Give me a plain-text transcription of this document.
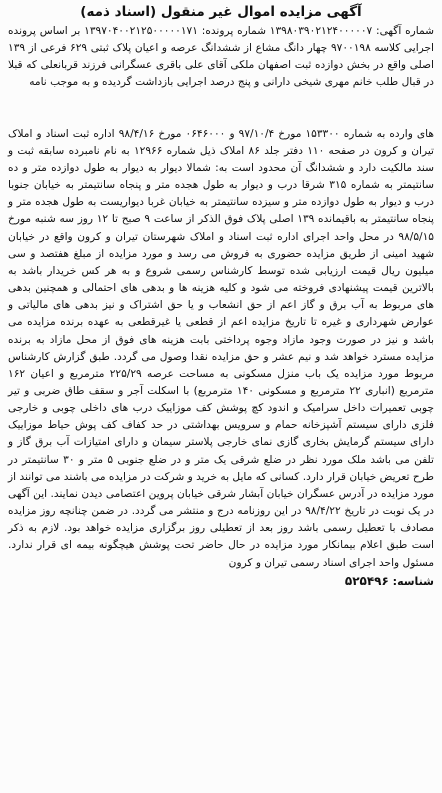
آگهی مزایده اموال غیر منقول (اسناد ذمه)
شماره آگهی: ۱۳۹۸۰۳۹۰۲۱۲۴۰۰۰۰۰۷ شماره پرونده: ۱۳۹۷۰۴۰۰۲۱۲۵۰۰۰۰۰۱۷۱ بر اساس پرونده اجرایی کلاسه ۹۷۰۰۱۹۸ چهار دانگ مشاع از ششدانگ عرصه و اعیان پلاک ثبتی ۶۲۹ فرعی از ۱۳۹ اصلی واقع در بخش دوازده ثبت اصفهان ملکی آقای علی باقری عسگرانی فرزند قربانعلی که قبلا در قبال طلب خانم مهری شیخی دارانی و پنج درصد اجرایی بازداشت گردیده و به موجب نامه
های وارده به شماره ۱۵۳۳۰۰ مورخ ۹۷/۱۰/۴ و ۰۶۴۶۰۰۰ مورخ ۹۸/۴/۱۶ اداره ثبت اسناد و املاک تیران و کرون در صفحه ۱۱۰ دفتر جلد ۸۶ املاک ذیل شماره ۱۲۹۶۶ به نام نامبرده سابقه ثبت و سند مالکیت دارد و ششدانگ آن محدود است به: شمالا دیوار به دیوار به طول دوازده متر و ده سانتیمتر به شماره ۳۱۵ شرقا درب و دیوار به طول هجده متر و پنجاه سانتیمتر به خیابان جنوبا درب و دیوار به طول دوازده متر و سیزده سانتیمتر به خیابان غربا دیواریست به طول هجده متر و پنجاه سانتیمتر به باقیمانده ۱۳۹ اصلی پلاک فوق الذکر از ساعت ۹ صبح تا ۱۲ روز سه شنبه مورخ ۹۸/۵/۱۵ در محل واحد اجرای اداره ثبت اسناد و املاک شهرستان تیران و کرون واقع در خیابان شهید امینی از طریق مزایده حضوری به فروش می رسد و مورد مزایده از مبلغ هفتصد و سی میلیون ریال قیمت ارزیابی شده توسط کارشناس رسمی شروع و به هر کس خریدار باشد به بالاترین قیمت پیشنهادی فروخته می شود و کلیه هزینه ها و بدهی های احتمالی و همچنین بدهی های مربوط به آب برق و گاز اعم از حق انشعاب و یا حق اشتراک و نیز بدهی های مالیاتی و عوارض شهرداری و غیره تا تاریخ مزایده اعم از قطعی یا غیرقطعی به عهده برنده مزایده می باشد و نیز در صورت وجود مازاد وجوه پرداختی بابت هزینه های فوق از محل مازاد به برنده مزایده مسترد خواهد شد و نیم عشر و حق مزایده نقدا وصول می گردد. طبق گزارش کارشناس مربوط مورد مزایده یک باب منزل مسکونی به مساحت عرصه ۲۲۵/۲۹ مترمربع و اعیان ۱۶۲ مترمربع (انباری ۲۲ مترمربع و مسکونی ۱۴۰ مترمربع) با اسکلت آجر و سقف طاق ضربی و تیر چوبی تعمیرات داخل سرامیک و اندود کچ پوشش کف موزاییک درب های داخلی چوبی و خارجی فلزی دارای سیستم آشپزخانه حمام و سرویس بهداشتی در حد کفاف کف پوش حیاط موزاییک دارای سیستم گرمایش بخاری گازی نمای خارجی پلاستر سیمان و دارای امتیازات آب برق گاز و تلفن می باشد ملک مورد نظر در ضلع شرقی یک متر و در ضلع جنوبی ۵ متر و ۳۰ سانتیمتر در طرح تعریض خیابان قرار دارد. کسانی که مایل به خرید و شرکت در مزایده می باشند می توانند از مورد مزایده در آدرس عسگران خیابان آبشار شرقی خیابان پروین اعتصامی دیدن نمایند. این آگهی در یک نوبت در تاریخ ۹۸/۴/۲۲ در این روزنامه درج و منتشر می گردد. در ضمن چنانچه روز مزایده مصادف با تعطیل رسمی باشد روز بعد از تعطیلی روز برگزاری مزایده خواهد بود. لازم به ذکر است طبق اعلام بیمانکار مورد مزایده در حال حاضر تحت پوشش هیچگونه بیمه ای قرار ندارد. مسئول واحد اجرای اسناد رسمی تیران و کرون
شناسه: ۵۲۵۴۹۶
